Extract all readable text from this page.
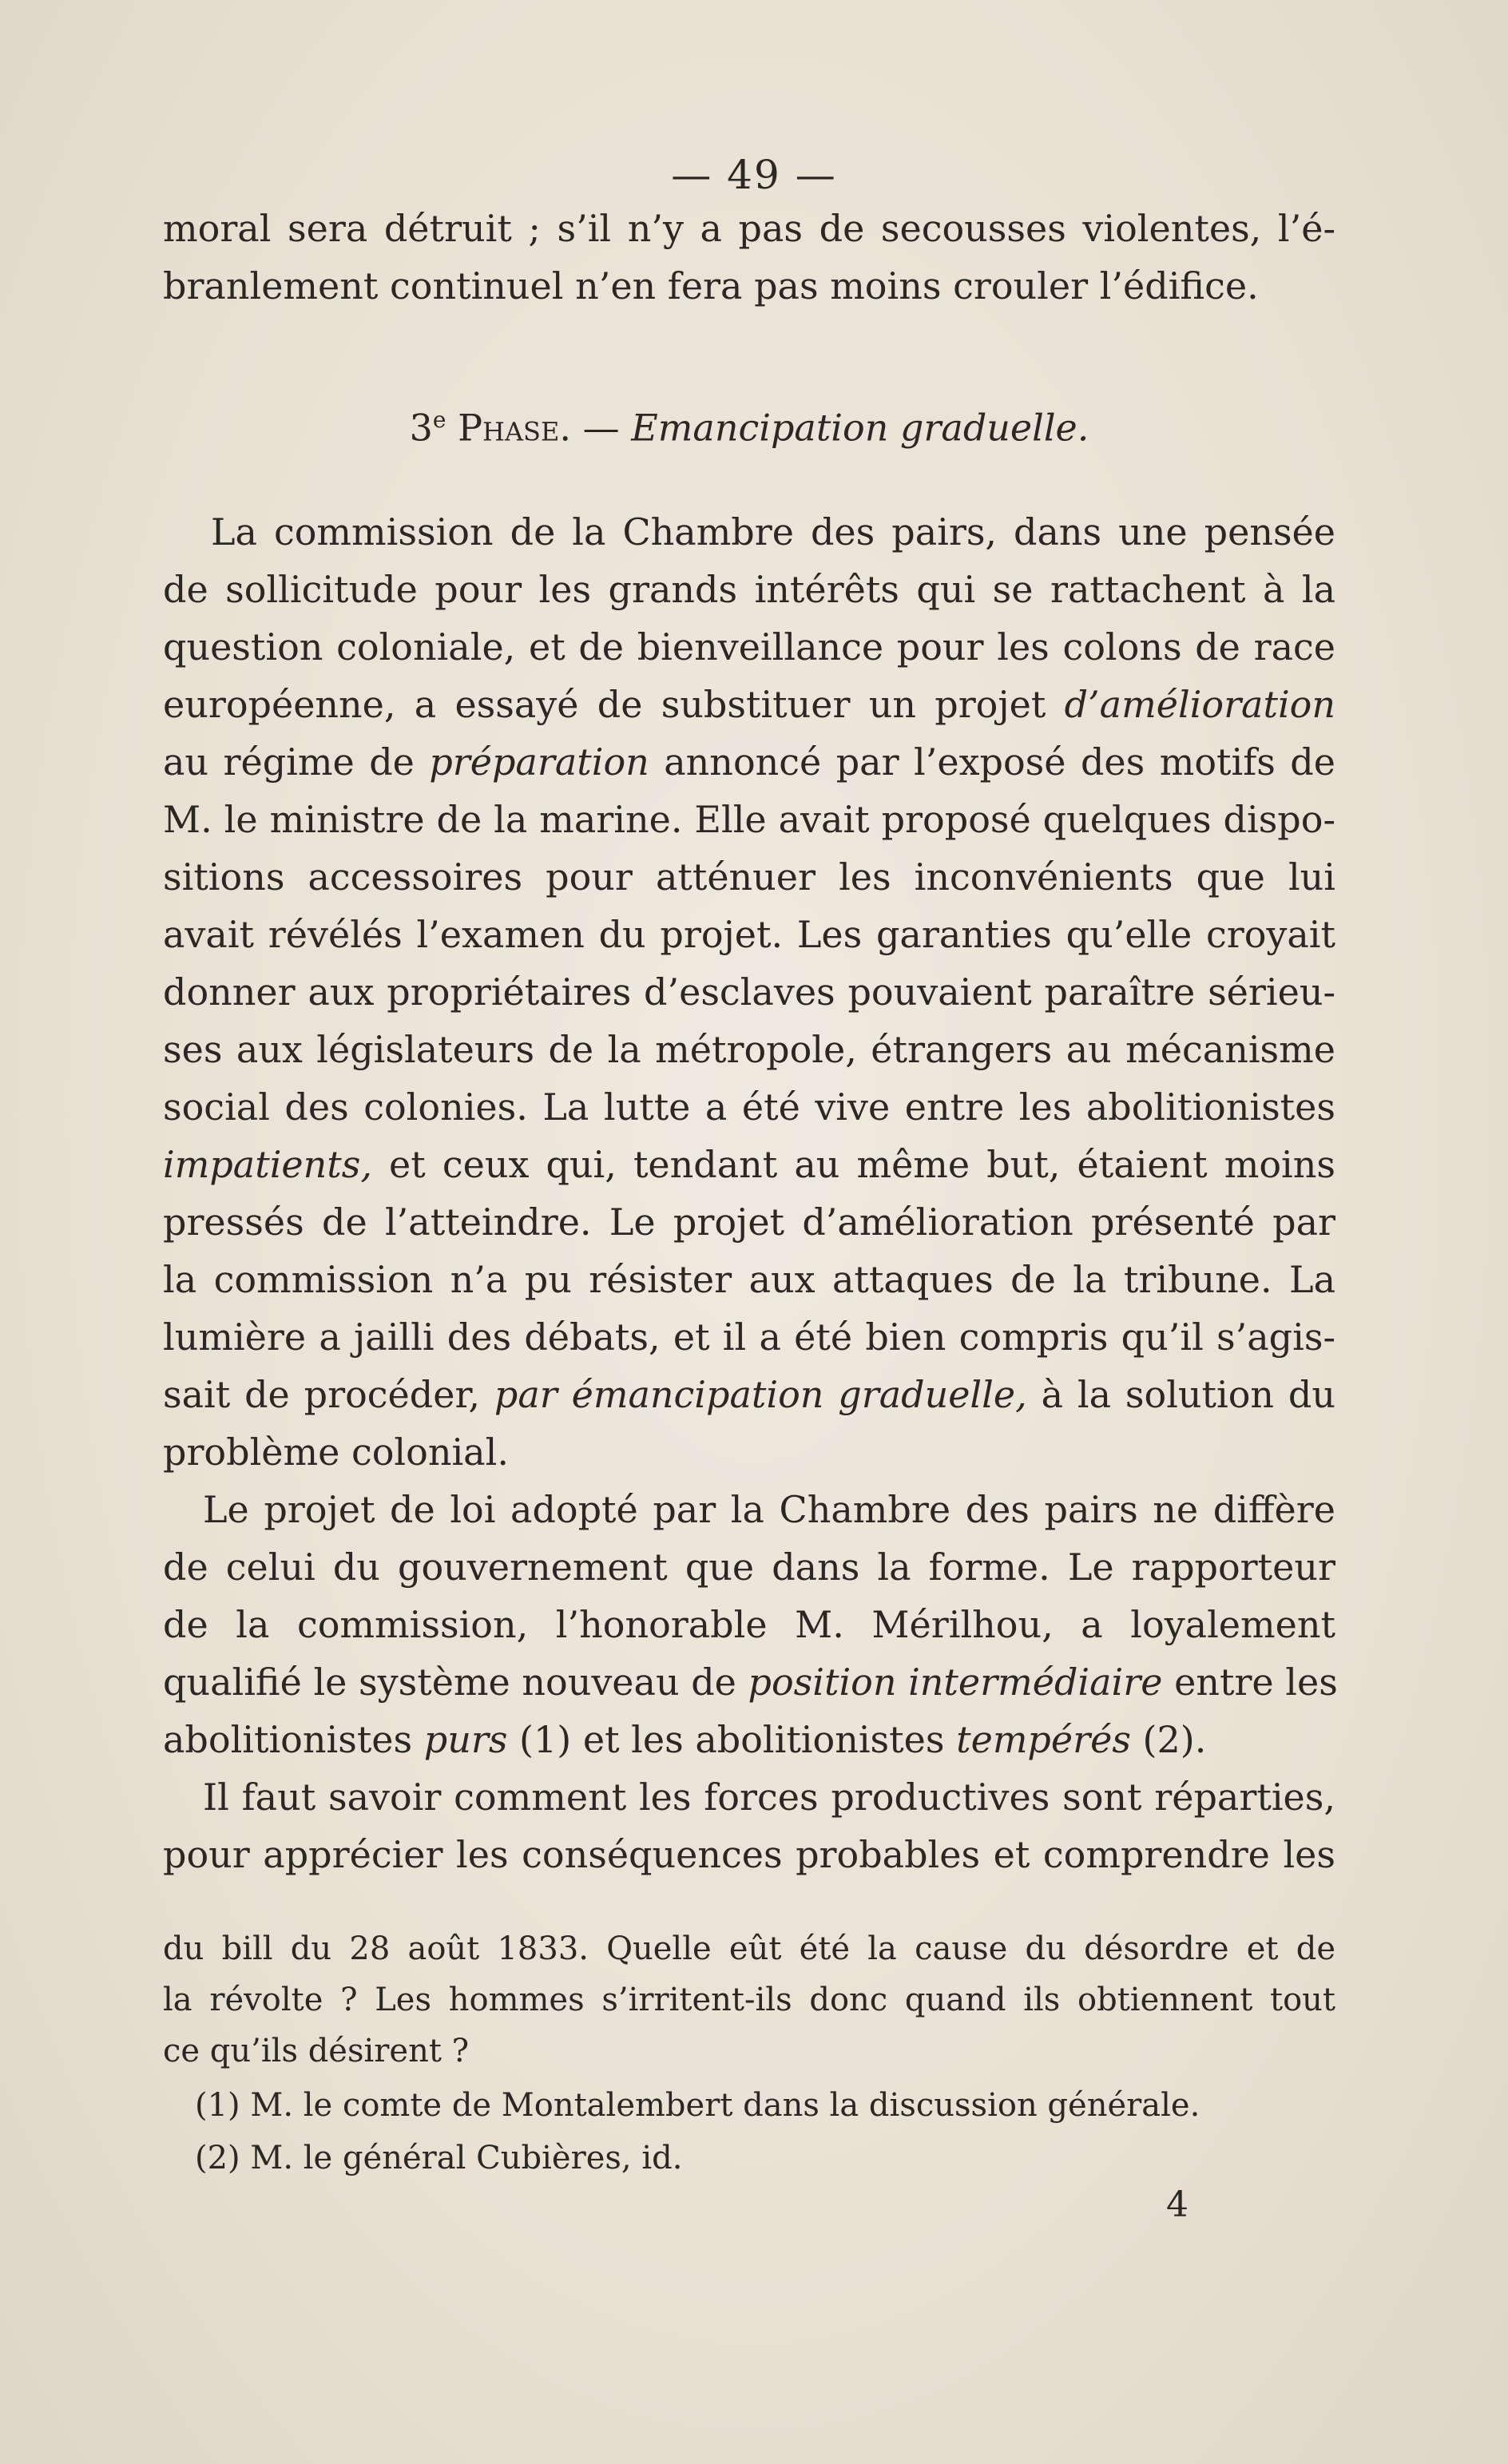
— 49 —
moral sera détruit ; s’il n’y a pas de secousses violentes, l’é-
branlement continuel n’en fera pas moins crouler l’édifice.
3e Phase. — Emancipation graduelle.
La commission de la Chambre des pairs, dans une pensée
de sollicitude pour les grands intérêts qui se rattachent à la
question coloniale, et de bienveillance pour les colons de race
européenne, a essayé de substituer un projet d’amélioration
au régime de préparation annoncé par l’exposé des motifs de
M. le ministre de la marine. Elle avait proposé quelques dispo-
sitions accessoires pour atténuer les inconvénients que lui
avait révélés l’examen du projet. Les garanties qu’elle croyait
donner aux propriétaires d’esclaves pouvaient paraître sérieu-
ses aux législateurs de la métropole, étrangers au mécanisme
social des colonies. La lutte a été vive entre les abolitionistes
impatients, et ceux qui, tendant au même but, étaient moins
pressés de l’atteindre. Le projet d’amélioration présenté par
la commission n’a pu résister aux attaques de la tribune. La
lumière a jailli des débats, et il a été bien compris qu’il s’agis-
sait de procéder, par émancipation graduelle, à la solution du
problème colonial.
Le projet de loi adopté par la Chambre des pairs ne diffère
de celui du gouvernement que dans la forme. Le rapporteur
de la commission, l’honorable M. Mérilhou, a loyalement
qualifié le système nouveau de position intermédiaire entre les
abolitionistes purs (1) et les abolitionistes tempérés (2).
Il faut savoir comment les forces productives sont réparties,
pour apprécier les conséquences probables et comprendre les
du bill du 28 août 1833. Quelle eût été la cause du désordre et de
la révolte ? Les hommes s’irritent-ils donc quand ils obtiennent tout
ce qu’ils désirent ?
(1) M. le comte de Montalembert dans la discussion générale.
(2) M. le général Cubières, id.
4
